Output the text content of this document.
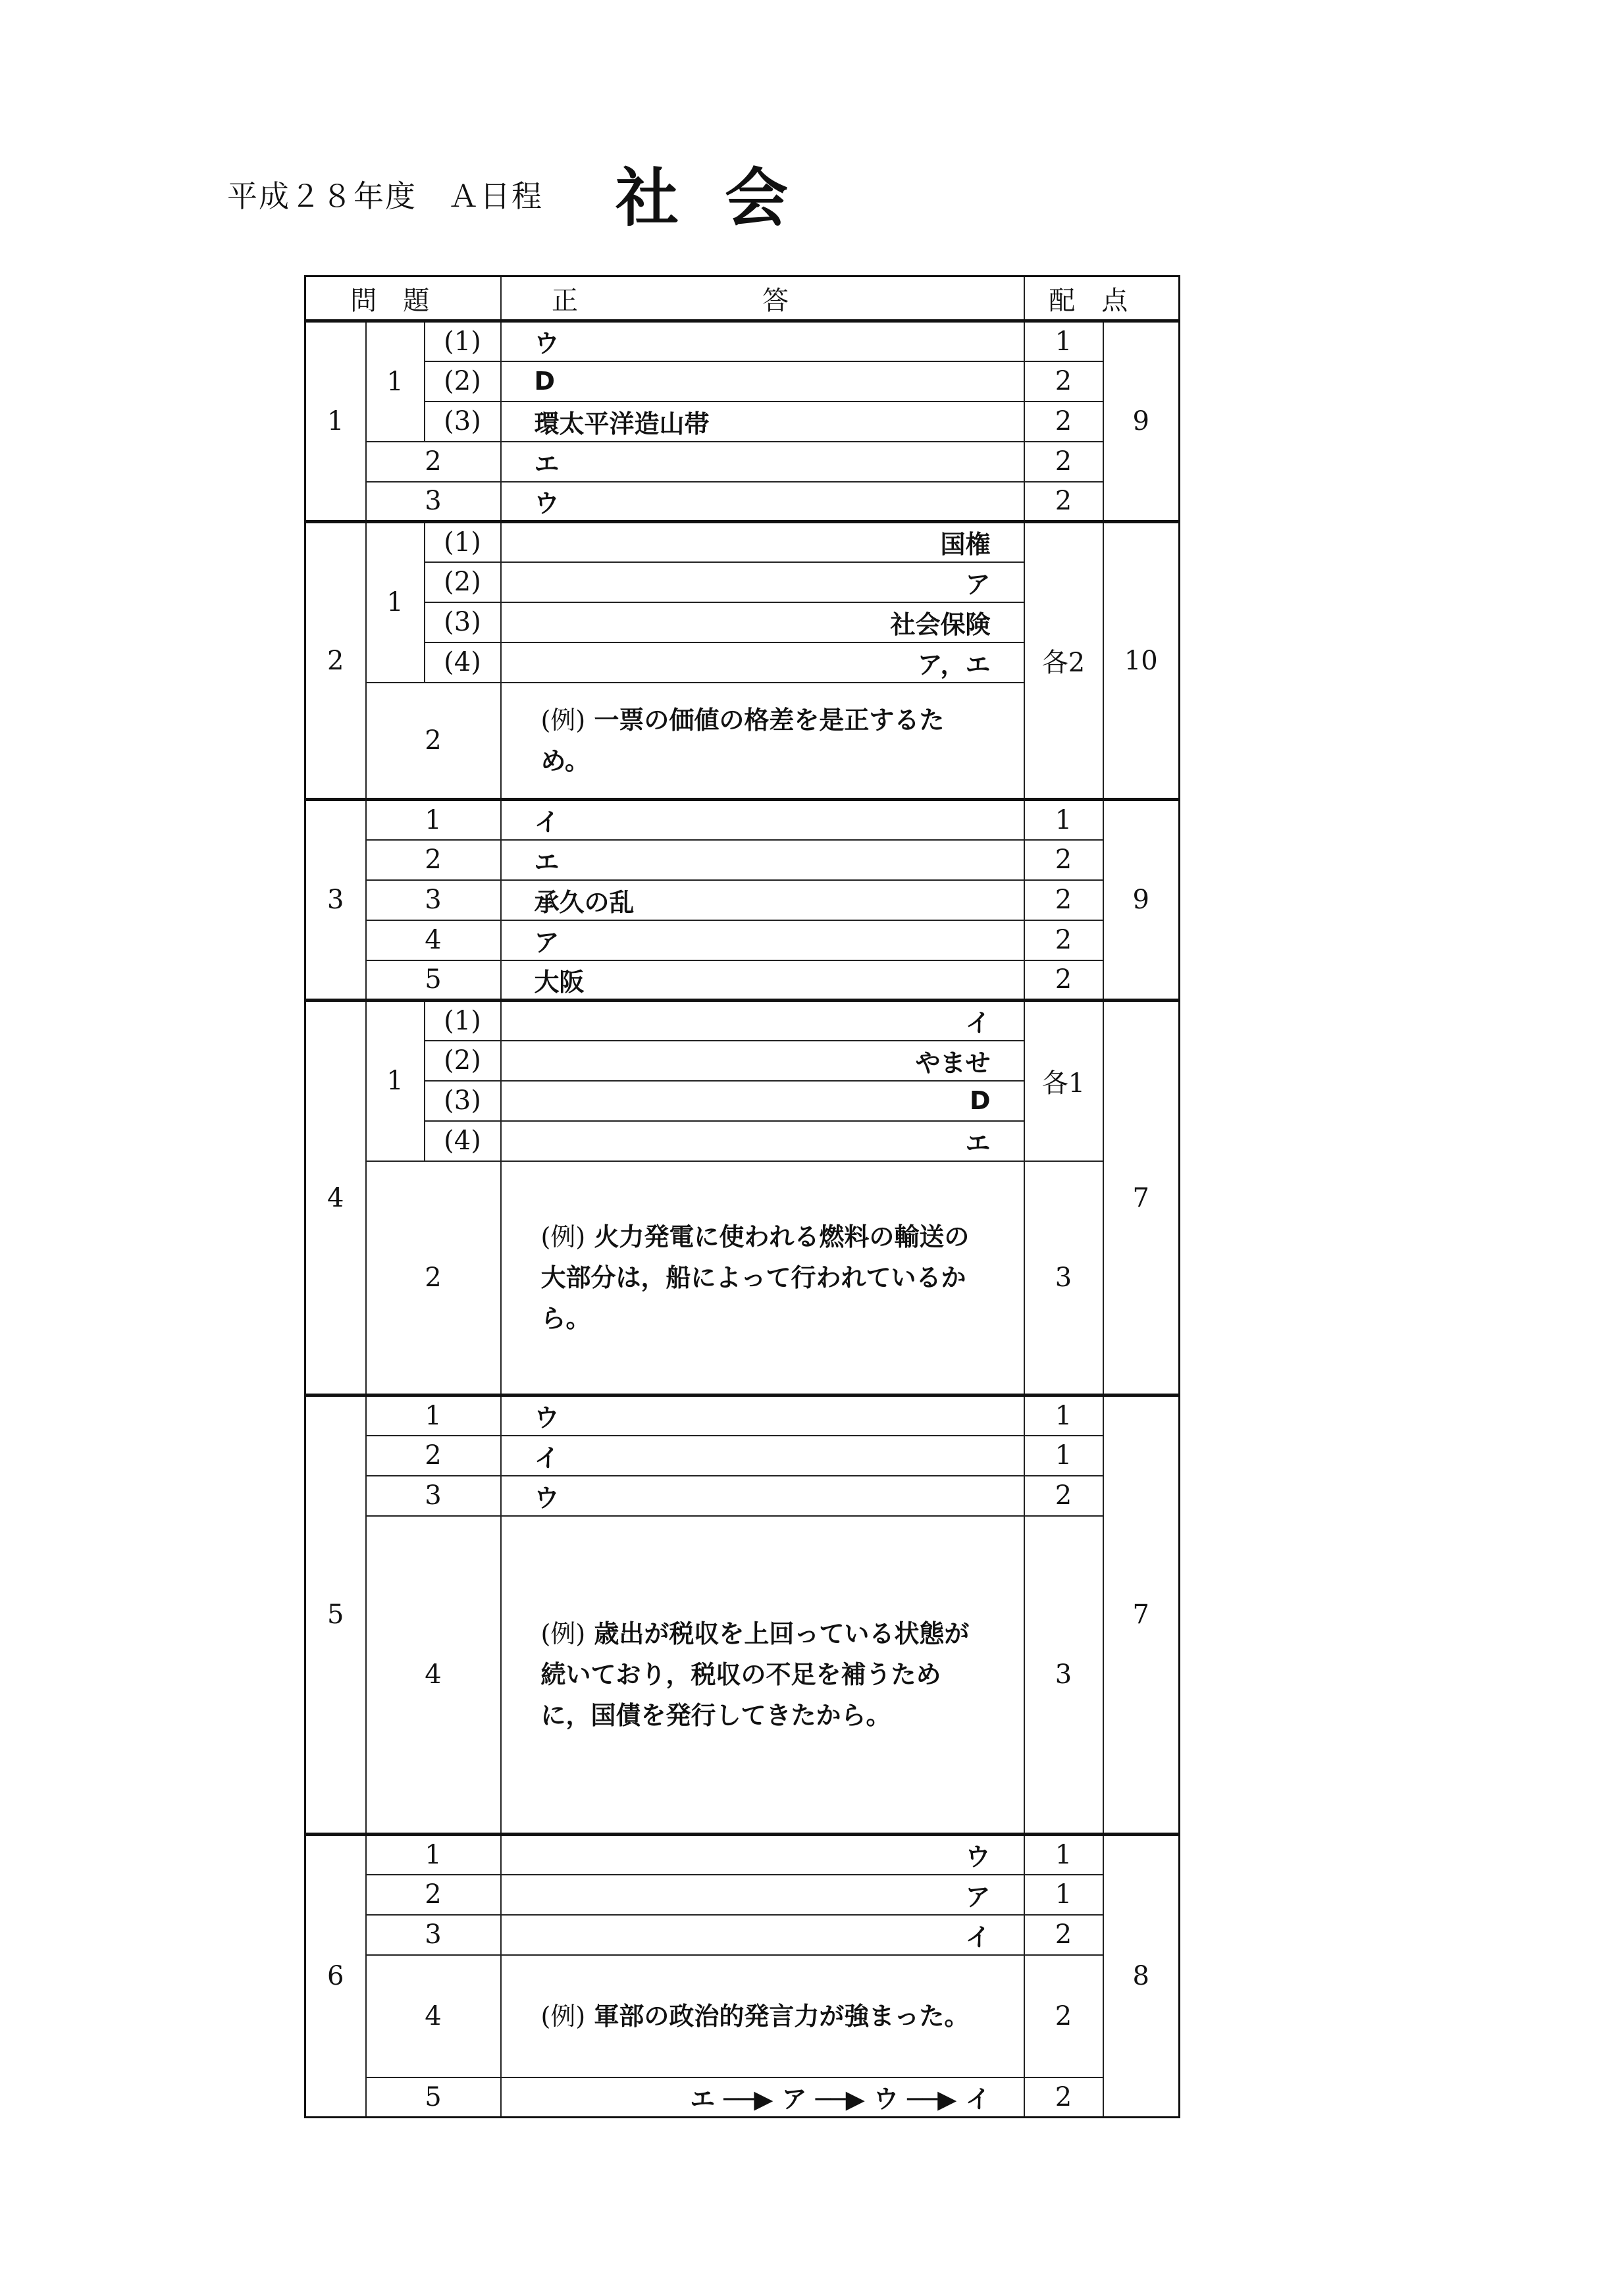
平成２８年度　Ａ日程 社会
問題			正答	配点	
1	1	(1)	ウ	1	9
		(2)	D	2	
		(3)	環太平洋造山帯	2	
	2		エ	2	
	3		ウ	2	
2	1	(1)	国権	各2	10
		(2)	ア		
		(3)	社会保険		
		(4)	ア，エ		
	2		(例) 一票の価値の格差を是正するため。		
3	1		イ	1	9
	2		エ	2	
	3		承久の乱	2	
	4		ア	2	
	5		大阪	2	
4	1	(1)	イ	各1	7
		(2)	やませ		
		(3)	D		
		(4)	エ		
	2		(例) 火力発電に使われる燃料の輸送の大部分は，船によって行われているから。	3	
5	1		ウ	1	7
	2		イ	1	
	3		ウ	2	
	4		(例) 歳出が税収を上回っている状態が続いており，税収の不足を補うために，国債を発行してきたから。	3	
6	1		ウ	1	8
	2		ア	1	
	3		イ	2	
	4		(例) 軍部の政治的発言力が強まった。	2	
	5		エ ──▶ ア ──▶ ウ ──▶ イ	2	
